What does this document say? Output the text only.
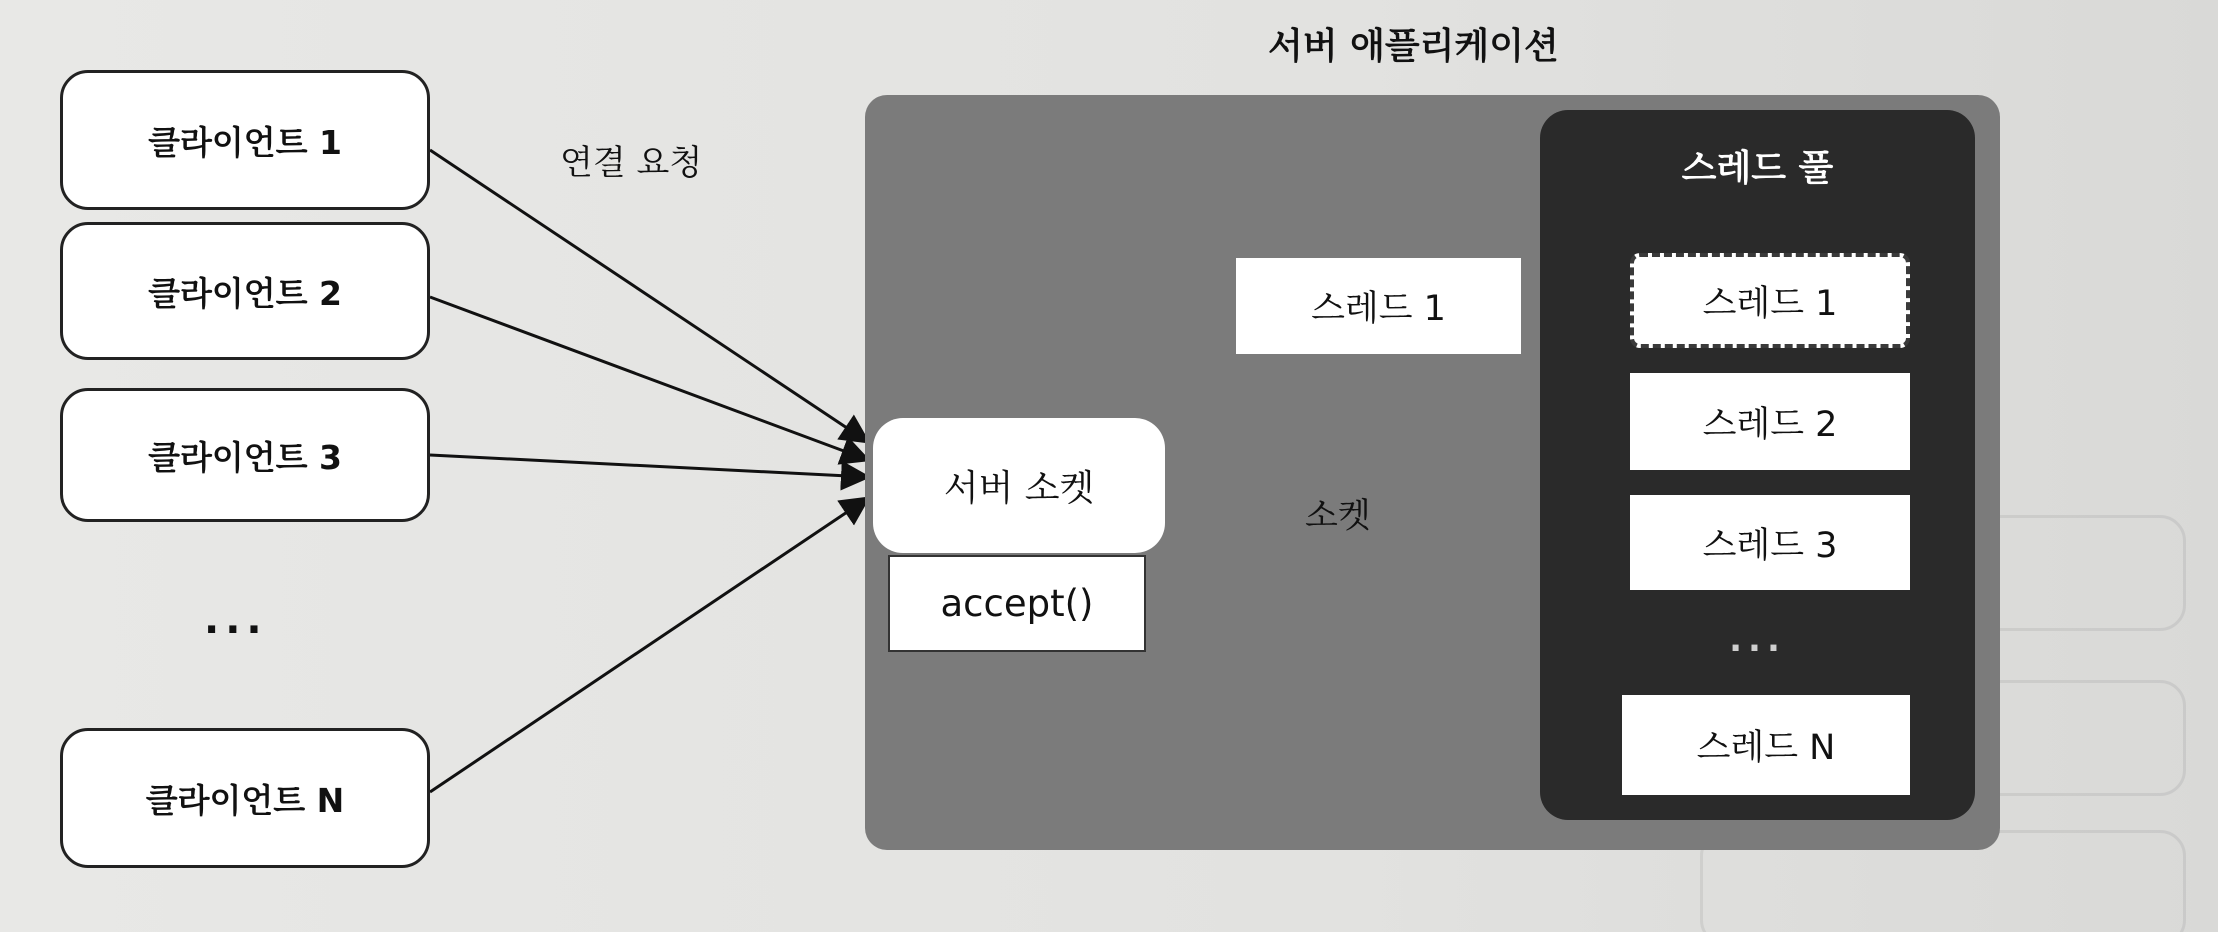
클라이언트 1
클라이언트 2
클라이언트 3
...
클라이언트 N
연결 요청
서버 애플리케이션
서버 소켓
accept()
스레드 1
소켓
스레드 풀
스레드 1
스레드 2
스레드 3
...
스레드 N
